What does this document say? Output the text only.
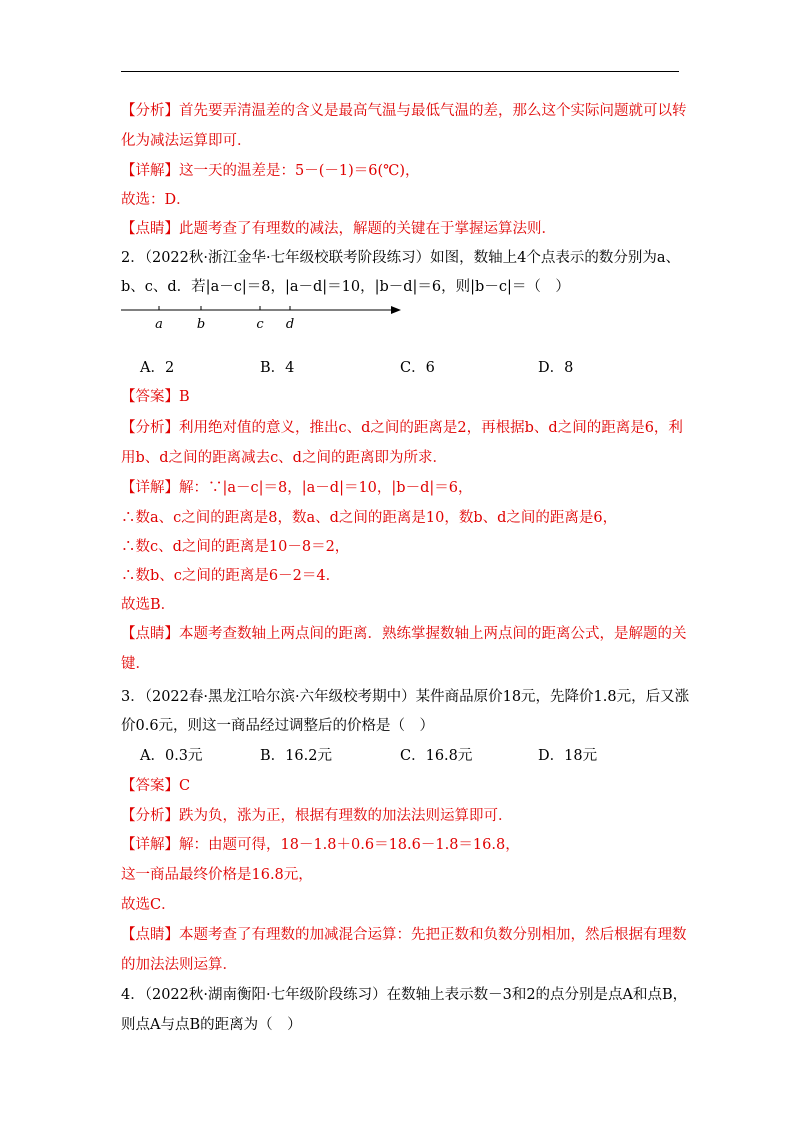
【分析】首先要弄清温差的含义是最高气温与最低气温的差，那么这个实际问题就可以转
化为减法运算即可．
【详解】这一天的温差是：5－(－1)＝6(℃)，
故选：D．
【点睛】此题考查了有理数的减法，解题的关键在于掌握运算法则．
2．（2022秋·浙江金华·七年级校联考阶段练习）如图，数轴上4个点表示的数分别为a、
b、c、d．若|a－c|＝8，|a－d|＝10，|b－d|＝6，则|b－c|＝（　）
a	b	c d
A．2	B．4	C．6	D．8
【答案】B
【分析】利用绝对值的意义，推出c、d之间的距离是2，再根据b、d之间的距离是6，利
用b、d之间的距离减去c、d之间的距离即为所求．
【详解】解：∵|a－c|＝8，|a－d|＝10，|b－d|＝6，
∴数a、c之间的距离是8，数a、d之间的距离是10，数b、d之间的距离是6，
∴数c、d之间的距离是10－8＝2，
∴数b、c之间的距离是6－2＝4．
故选B．
【点睛】本题考查数轴上两点间的距离．熟练掌握数轴上两点间的距离公式，是解题的关
键．
3．（2022春·黑龙江哈尔滨·六年级校考期中）某件商品原价18元，先降价1.8元，后又涨
价0.6元，则这一商品经过调整后的价格是（　）
A．0.3元	B．16.2元	C．16.8元	D．18元
【答案】C
【分析】跌为负，涨为正，根据有理数的加法法则运算即可．
【详解】解：由题可得，18－1.8＋0.6＝18.6－1.8＝16.8，
这一商品最终价格是16.8元，
故选C．
【点睛】本题考查了有理数的加减混合运算：先把正数和负数分别相加，然后根据有理数
的加法法则运算．
4．（2022秋·湖南衡阳·七年级阶段练习）在数轴上表示数－3和2的点分别是点A和点B，
则点A与点B的距离为（　）
